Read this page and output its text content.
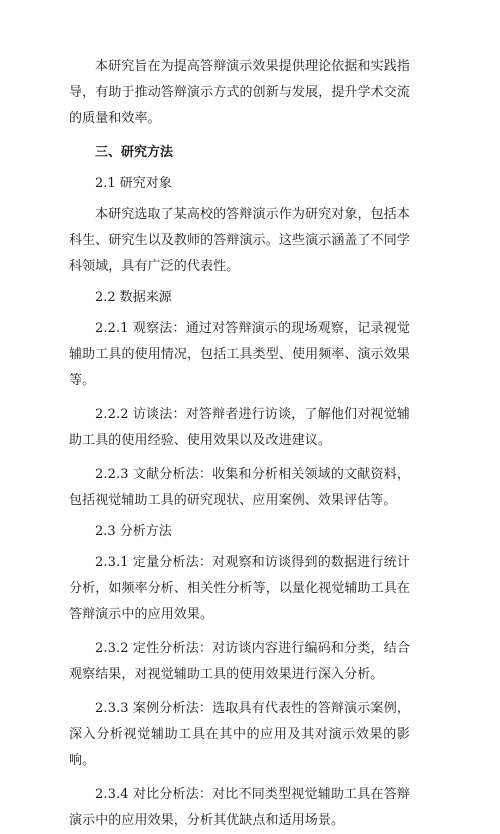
本研究旨在为提高答辩演示效果提供理论依据和实践指导，有助于推动答辩演示方式的创新与发展，提升学术交流的质量和效率。

三、研究方法

2.1 研究对象

本研究选取了某高校的答辩演示作为研究对象，包括本科生、研究生以及教师的答辩演示。这些演示涵盖了不同学科领域，具有广泛的代表性。

2.2 数据来源

2.2.1 观察法：通过对答辩演示的现场观察，记录视觉辅助工具的使用情况，包括工具类型、使用频率、演示效果等。

2.2.2 访谈法：对答辩者进行访谈，了解他们对视觉辅助工具的使用经验、使用效果以及改进建议。

2.2.3 文献分析法：收集和分析相关领域的文献资料，包括视觉辅助工具的研究现状、应用案例、效果评估等。

2.3 分析方法

2.3.1 定量分析法：对观察和访谈得到的数据进行统计分析，如频率分析、相关性分析等，以量化视觉辅助工具在答辩演示中的应用效果。

2.3.2 定性分析法：对访谈内容进行编码和分类，结合观察结果，对视觉辅助工具的使用效果进行深入分析。

2.3.3 案例分析法：选取具有代表性的答辩演示案例，深入分析视觉辅助工具在其中的应用及其对演示效果的影响。

2.3.4 对比分析法：对比不同类型视觉辅助工具在答辩演示中的应用效果，分析其优缺点和适用场景。
